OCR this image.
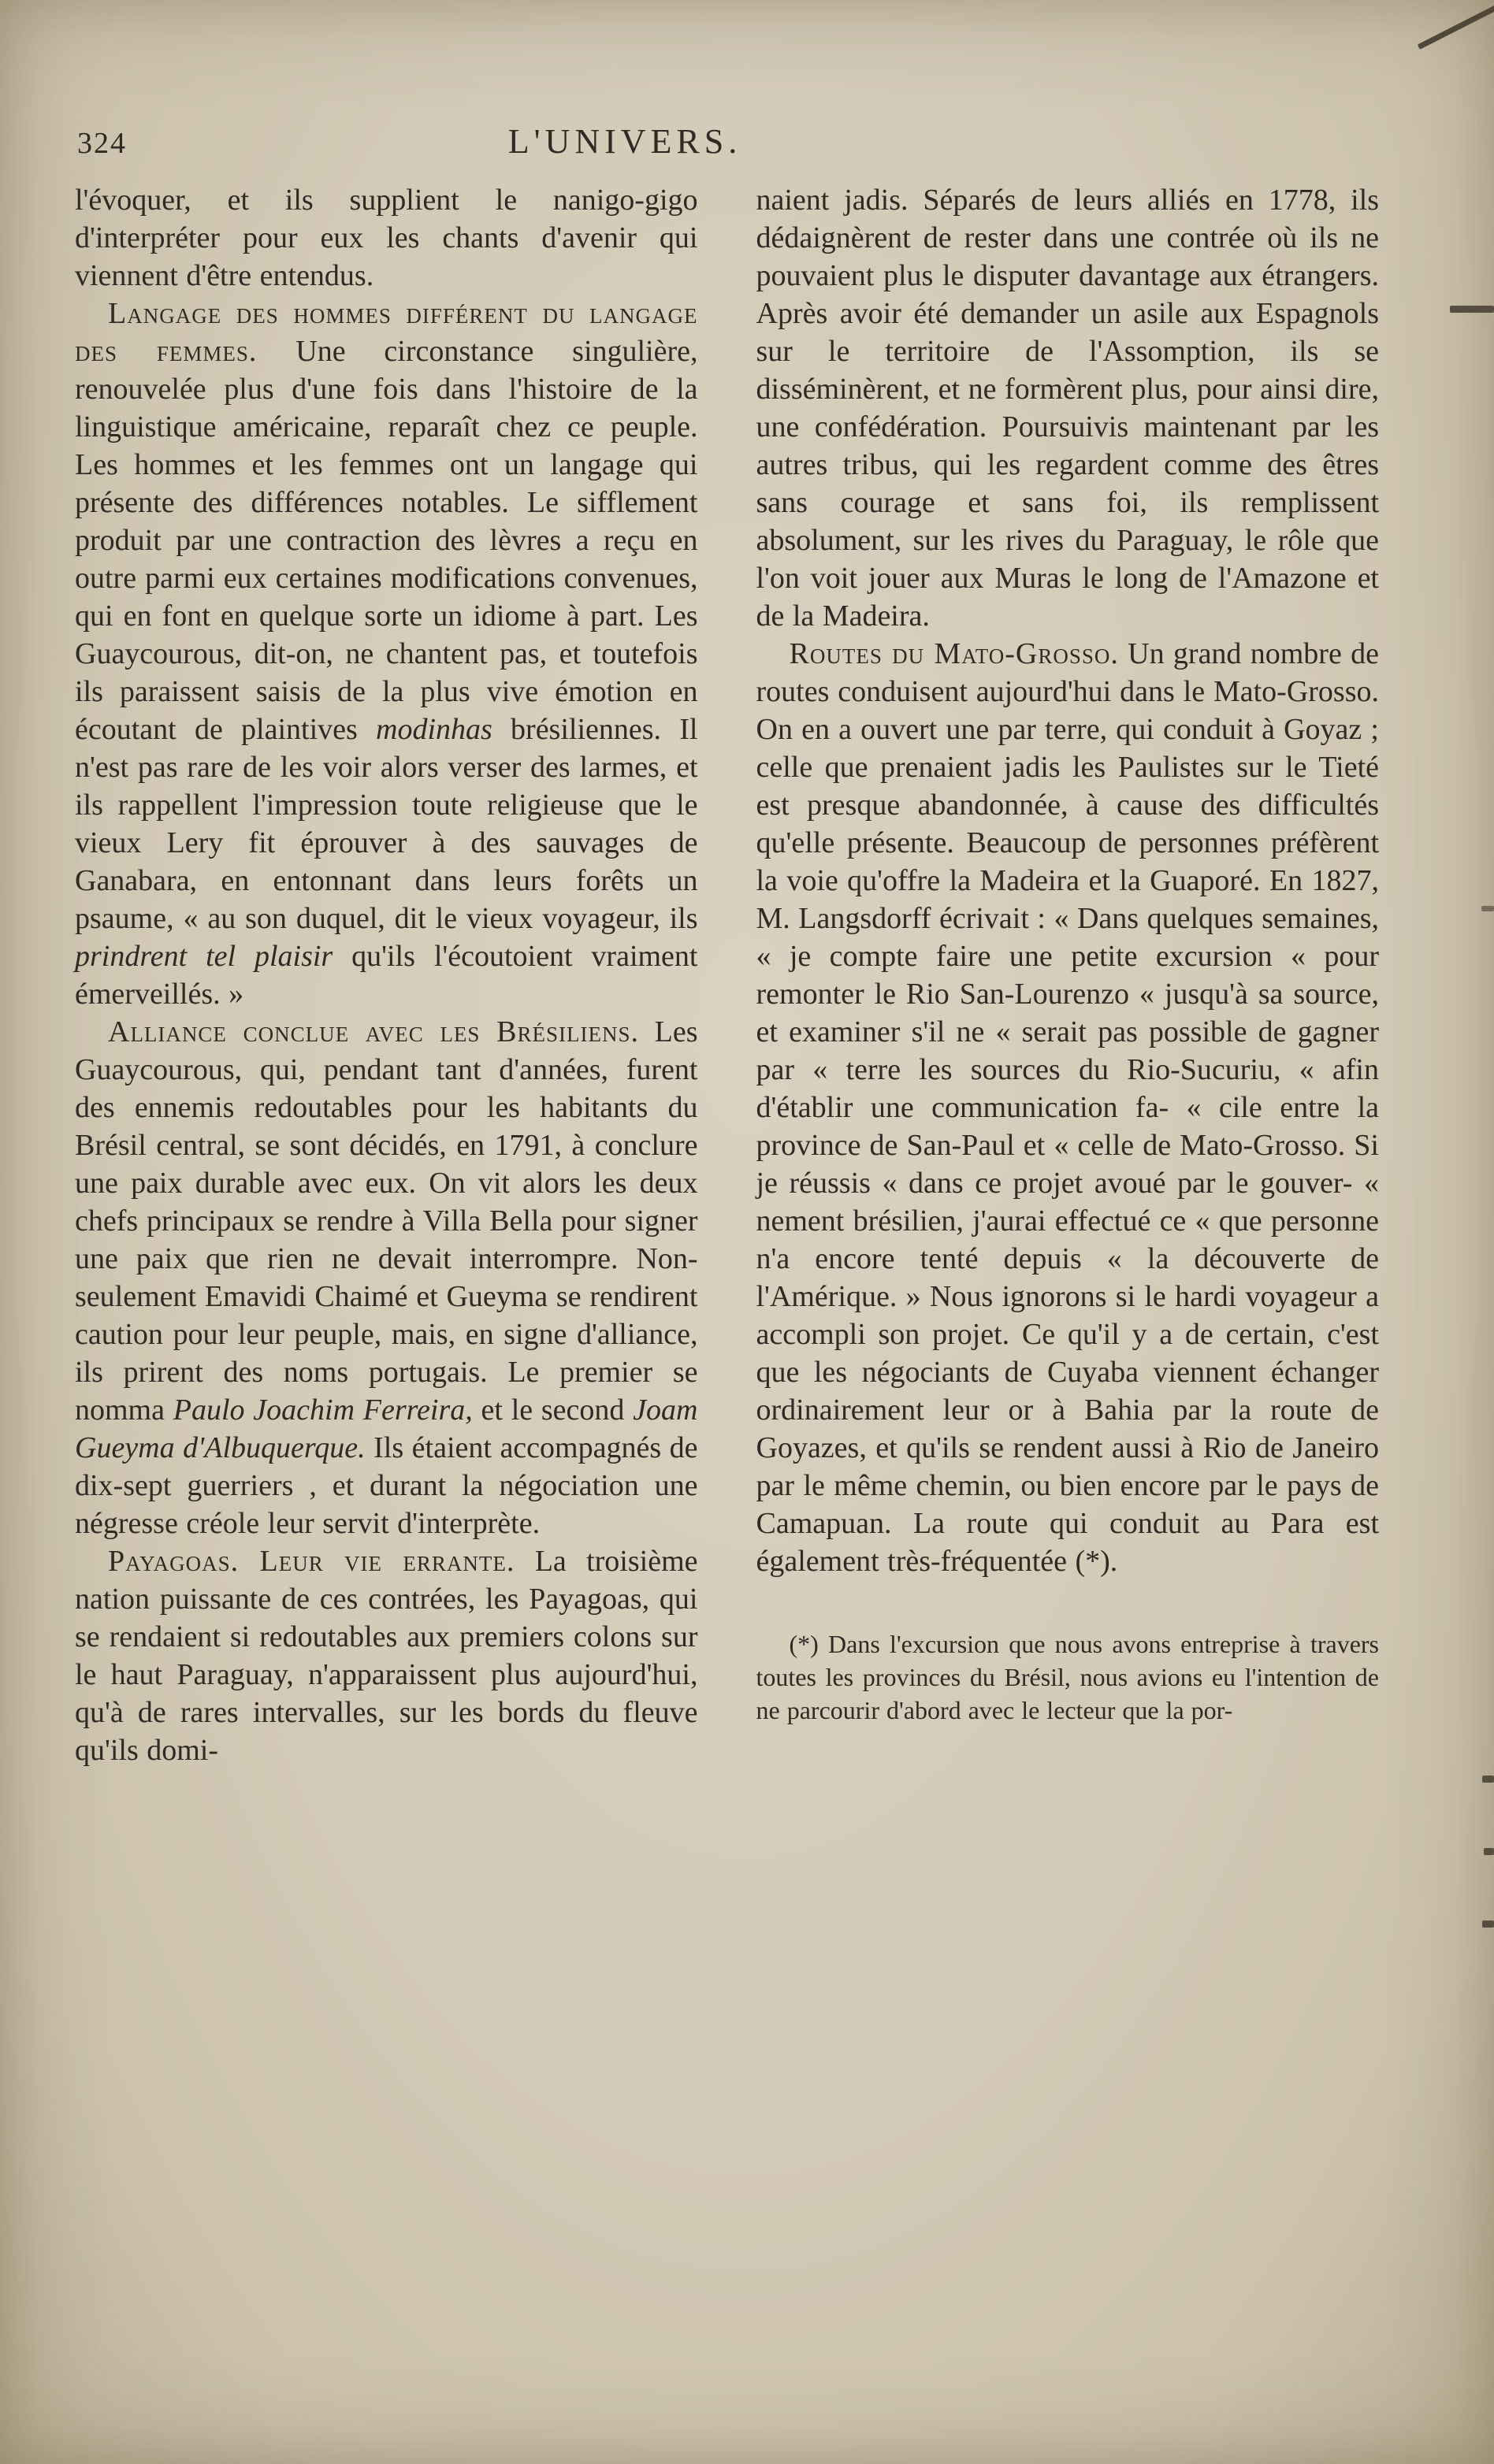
324	L'UNIVERS.

l'évoquer, et ils supplient le nanigo-gigo d'interpréter pour eux les chants d'avenir qui viennent d'être entendus.

Langage des hommes différent du langage des femmes. Une circonstance singulière, renouvelée plus d'une fois dans l'histoire de la linguistique américaine, reparaît chez ce peuple. Les hommes et les femmes ont un langage qui présente des différences notables. Le sifflement produit par une contraction des lèvres a reçu en outre parmi eux certaines modifications convenues, qui en font en quelque sorte un idiome à part. Les Guaycourous, dit-on, ne chantent pas, et toutefois ils paraissent saisis de la plus vive émotion en écoutant de plaintives modinhas brésiliennes. Il n'est pas rare de les voir alors verser des larmes, et ils rappellent l'impression toute religieuse que le vieux Lery fit éprouver à des sauvages de Ganabara, en entonnant dans leurs forêts un psaume, « au son duquel, dit le vieux voyageur, ils prindrent tel plaisir qu'ils l'écoutoient vraiment émerveillés. »

Alliance conclue avec les Brésiliens. Les Guaycourous, qui, pendant tant d'années, furent des ennemis redoutables pour les habitants du Brésil central, se sont décidés, en 1791, à conclure une paix durable avec eux. On vit alors les deux chefs principaux se rendre à Villa Bella pour signer une paix que rien ne devait interrompre. Non-seulement Emavidi Chaimé et Gueyma se rendirent caution pour leur peuple, mais, en signe d'alliance, ils prirent des noms portugais. Le premier se nomma Paulo Joachim Ferreira, et le second Joam Gueyma d'Albuquerque. Ils étaient accompagnés de dix-sept guerriers , et durant la négociation une négresse créole leur servit d'interprète.

Payagoas. Leur vie errante. La troisième nation puissante de ces contrées, les Payagoas, qui se rendaient si redoutables aux premiers colons sur le haut Paraguay, n'apparaissent plus aujourd'hui, qu'à de rares intervalles, sur les bords du fleuve qu'ils domi-

naient jadis. Séparés de leurs alliés en 1778, ils dédaignèrent de rester dans une contrée où ils ne pouvaient plus le disputer davantage aux étrangers. Après avoir été demander un asile aux Espagnols sur le territoire de l'Assomption, ils se disséminèrent, et ne formèrent plus, pour ainsi dire, une confédération. Poursuivis maintenant par les autres tribus, qui les regardent comme des êtres sans courage et sans foi, ils remplissent absolument, sur les rives du Paraguay, le rôle que l'on voit jouer aux Muras le long de l'Amazone et de la Madeira.

Routes du Mato-Grosso. Un grand nombre de routes conduisent aujourd'hui dans le Mato-Grosso. On en a ouvert une par terre, qui conduit à Goyaz ; celle que prenaient jadis les Paulistes sur le Tieté est presque abandonnée, à cause des difficultés qu'elle présente. Beaucoup de personnes préfèrent la voie qu'offre la Madeira et la Guaporé. En 1827, M. Langsdorff écrivait : « Dans quelques semaines, « je compte faire une petite excursion « pour remonter le Rio San-Lourenzo « jusqu'à sa source, et examiner s'il ne « serait pas possible de gagner par « terre les sources du Rio-Sucuriu, « afin d'établir une communication fa- « cile entre la province de San-Paul et « celle de Mato-Grosso. Si je réussis « dans ce projet avoué par le gouver- « nement brésilien, j'aurai effectué ce « que personne n'a encore tenté depuis « la découverte de l'Amérique. » Nous ignorons si le hardi voyageur a accompli son projet. Ce qu'il y a de certain, c'est que les négociants de Cuyaba viennent échanger ordinairement leur or à Bahia par la route de Goyazes, et qu'ils se rendent aussi à Rio de Janeiro par le même chemin, ou bien encore par le pays de Camapuan. La route qui conduit au Para est également très-fréquentée (*).

(*) Dans l'excursion que nous avons entreprise à travers toutes les provinces du Brésil, nous avions eu l'intention de ne parcourir d'abord avec le lecteur que la por-
